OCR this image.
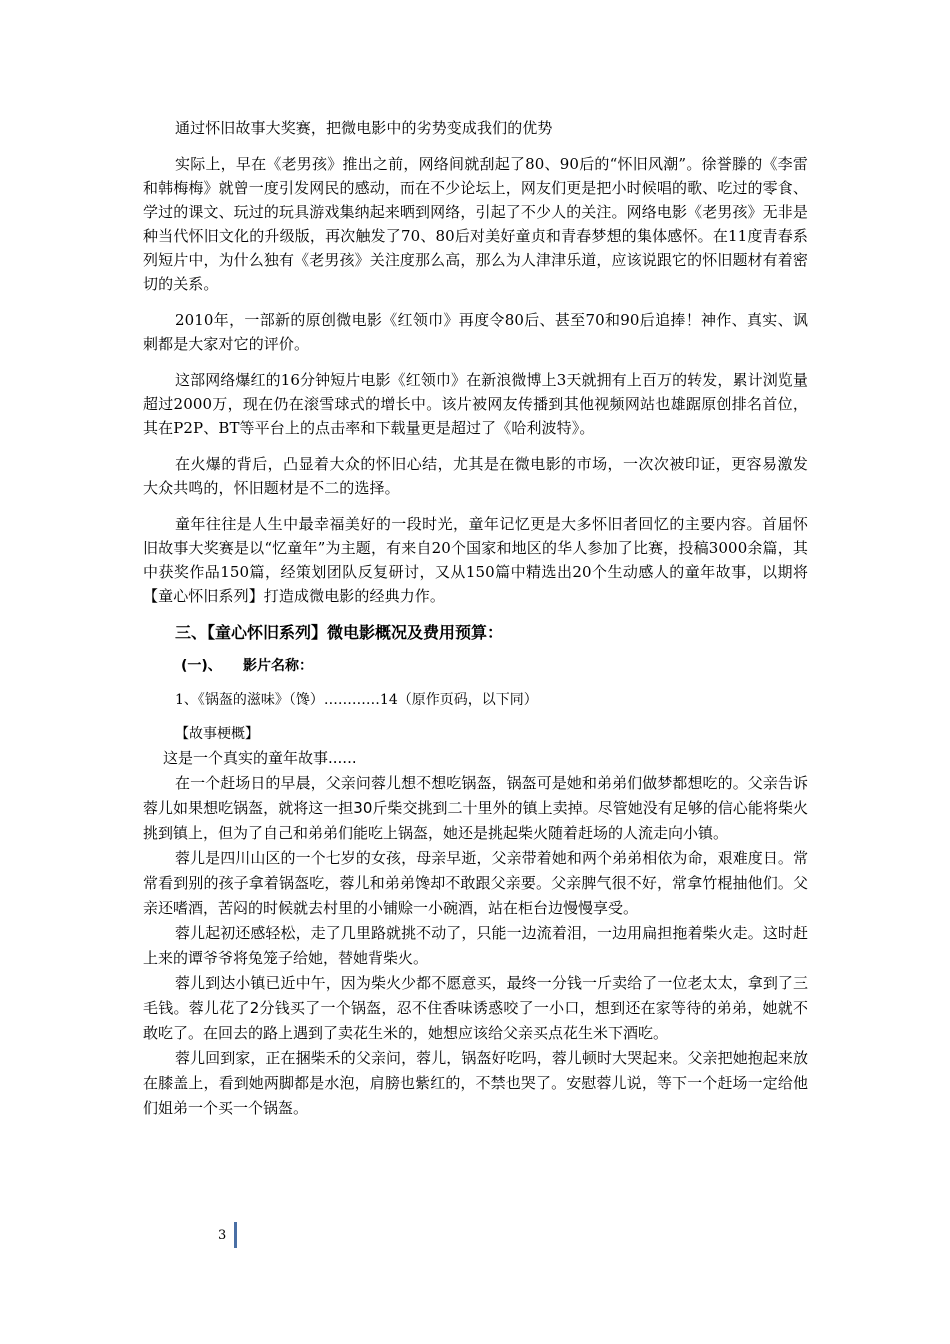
通过怀旧故事大奖赛，把微电影中的劣势变成我们的优势

实际上，早在《老男孩》推出之前，网络间就刮起了80、90后的“怀旧风潮”。徐誉滕的《李雷和韩梅梅》就曾一度引发网民的感动，而在不少论坛上，网友们更是把小时候唱的歌、吃过的零食、学过的课文、玩过的玩具游戏集纳起来晒到网络，引起了不少人的关注。网络电影《老男孩》无非是种当代怀旧文化的升级版，再次触发了70、80后对美好童贞和青春梦想的集体感怀。在11度青春系列短片中，为什么独有《老男孩》关注度那么高，那么为人津津乐道，应该说跟它的怀旧题材有着密切的关系。

2010年，一部新的原创微电影《红领巾》再度令80后、甚至70和90后追捧！神作、真实、讽刺都是大家对它的评价。

这部网络爆红的16分钟短片电影《红领巾》在新浪微博上3天就拥有上百万的转发，累计浏览量超过2000万，现在仍在滚雪球式的增长中。该片被网友传播到其他视频网站也雄踞原创排名首位，其在P2P、BT等平台上的点击率和下载量更是超过了《哈利波特》。

在火爆的背后，凸显着大众的怀旧心结，尤其是在微电影的市场，一次次被印证，更容易激发大众共鸣的，怀旧题材是不二的选择。

童年往往是人生中最幸福美好的一段时光，童年记忆更是大多怀旧者回忆的主要内容。首届怀旧故事大奖赛是以“忆童年”为主题，有来自20个国家和地区的华人参加了比赛，投稿3000余篇，其中获奖作品150篇，经策划团队反复研讨，又从150篇中精选出20个生动感人的童年故事，以期将【童心怀旧系列】打造成微电影的经典力作。

三、【童心怀旧系列】微电影概况及费用预算：
(一)、 影片名称：
1、《锅盔的滋味》（馋）…………14（原作页码，以下同）
【故事梗概】

这是一个真实的童年故事......

在一个赶场日的早晨，父亲问蓉儿想不想吃锅盔，锅盔可是她和弟弟们做梦都想吃的。父亲告诉蓉儿如果想吃锅盔，就将这一担30斤柴交挑到二十里外的镇上卖掉。尽管她没有足够的信心能将柴火挑到镇上，但为了自己和弟弟们能吃上锅盔，她还是挑起柴火随着赶场的人流走向小镇。

蓉儿是四川山区的一个七岁的女孩，母亲早逝，父亲带着她和两个弟弟相依为命，艰难度日。常常看到别的孩子拿着锅盔吃，蓉儿和弟弟馋却不敢跟父亲要。父亲脾气很不好，常拿竹棍抽他们。父亲还嗜酒，苦闷的时候就去村里的小铺赊一小碗酒，站在柜台边慢慢享受。

蓉儿起初还感轻松，走了几里路就挑不动了，只能一边流着泪，一边用扁担拖着柴火走。这时赶上来的谭爷爷将兔笼子给她，替她背柴火。

蓉儿到达小镇已近中午，因为柴火少都不愿意买，最终一分钱一斤卖给了一位老太太，拿到了三毛钱。蓉儿花了2分钱买了一个锅盔，忍不住香味诱惑咬了一小口，想到还在家等待的弟弟，她就不敢吃了。在回去的路上遇到了卖花生米的，她想应该给父亲买点花生米下酒吃。

蓉儿回到家，正在捆柴禾的父亲问，蓉儿，锅盔好吃吗，蓉儿顿时大哭起来。父亲把她抱起来放在膝盖上，看到她两脚都是水泡，肩膀也紫红的，不禁也哭了。安慰蓉儿说，等下一个赶场一定给他们姐弟一个买一个锅盔。

3
